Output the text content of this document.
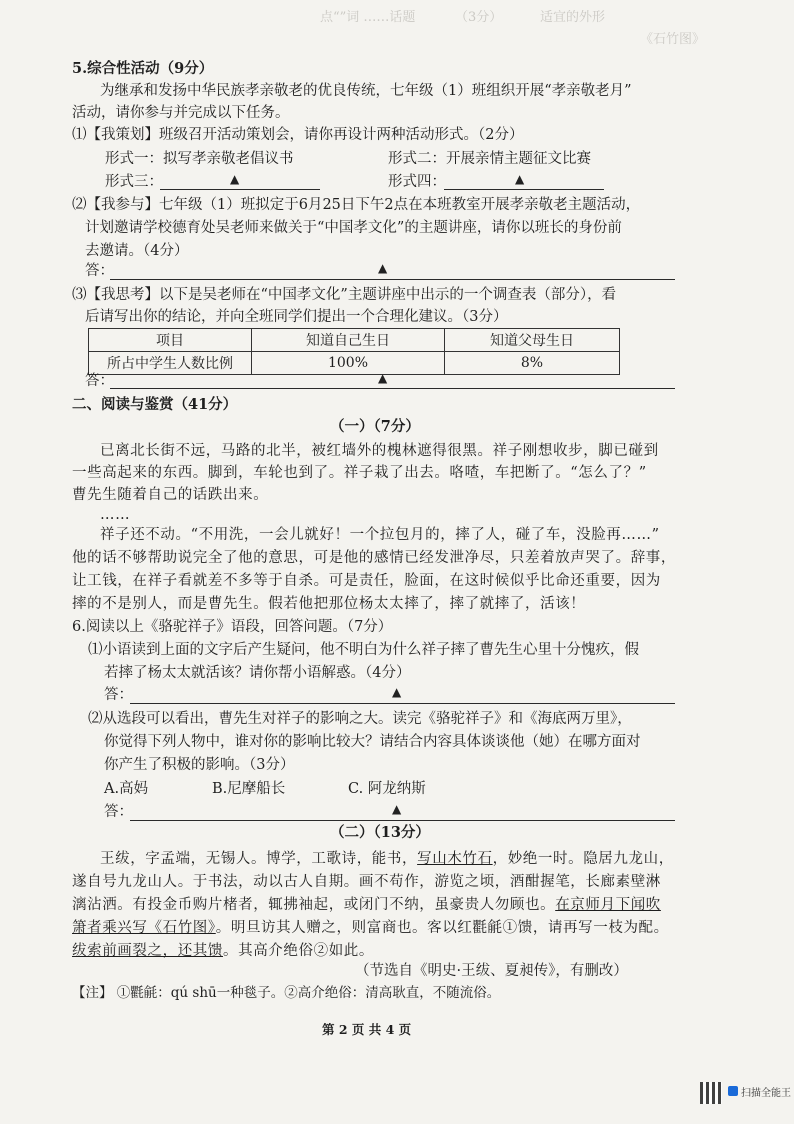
点“”词 ……话题	（3分）	适宜的外形
《石竹图》
5.综合性活动（9分）
为继承和发扬中华民族孝亲敬老的优良传统，七年级（1）班组织开展“孝亲敬老月”
活动，请你参与并完成以下任务。
⑴【我策划】班级召开活动策划会，请你再设计两种活动形式。（2分）
形式一：拟写孝亲敬老倡议书	形式二：开展亲情主题征文比赛
形式三：	▲	形式四：	▲
⑵【我参与】七年级（1）班拟定于6月25日下午2点在本班教室开展孝亲敬老主题活动，
计划邀请学校德育处吴老师来做关于“中国孝文化”的主题讲座，请你以班长的身份前
去邀请。（4分）
答：	▲
⑶【我思考】以下是吴老师在“中国孝文化”主题讲座中出示的一个调查表（部分），看
后请写出你的结论，并向全班同学们提出一个合理化建议。（3分）
项目	知道自己生日	知道父母生日
所占中学生人数比例	100%	8%
答：	▲
二、阅读与鉴赏（41分）
（一）（7分）
已离北长街不远，马路的北半，被红墙外的槐林遮得很黑。祥子刚想收步，脚已碰到
一些高起来的东西。脚到，车轮也到了。祥子栽了出去。咯喳，车把断了。“怎么了？”
曹先生随着自己的话跌出来。
……
祥子还不动。“不用洗，一会儿就好！一个拉包月的，摔了人，碰了车，没脸再……”
他的话不够帮助说完全了他的意思，可是他的感情已经发泄净尽，只差着放声哭了。辞事，
让工钱，在祥子看就差不多等于自杀。可是责任，脸面，在这时候似乎比命还重要，因为
摔的不是别人，而是曹先生。假若他把那位杨太太摔了，摔了就摔了，活该！
6.阅读以上《骆驼祥子》语段，回答问题。（7分）
⑴小语读到上面的文字后产生疑问，他不明白为什么祥子摔了曹先生心里十分愧疚，假
若摔了杨太太就活该？请你帮小语解惑。（4分）
答：	▲
⑵从选段可以看出，曹先生对祥子的影响之大。读完《骆驼祥子》和《海底两万里》，
你觉得下列人物中，谁对你的影响比较大？请结合内容具体谈谈他（她）在哪方面对
你产生了积极的影响。（3分）
A.高妈	B.尼摩船长	C. 阿龙纳斯
答：	▲
（二）（13分）
王绂，字孟端，无锡人。博学，工歌诗，能书，写山木竹石，妙绝一时。隐居九龙山，
遂自号九龙山人。于书法，动以古人自期。画不苟作，游览之顷，酒酣握笔，长廊素壁淋
漓沾洒。有投金币购片楮者，辄拂袖起，或闭门不纳，虽豪贵人勿顾也。在京师月下闻吹
箫者乘兴写《石竹图》。明旦访其人赠之，则富商也。客以红氍毹①馈，请再写一枝为配。
绂索前画裂之，还其馈。其高介绝俗②如此。
（节选自《明史·王绂、夏昶传》，有删改）
【注】 ①氍毹：qú shū一种毯子。②高介绝俗：清高耿直，不随流俗。
第 2 页 共 4 页
扫描全能王
